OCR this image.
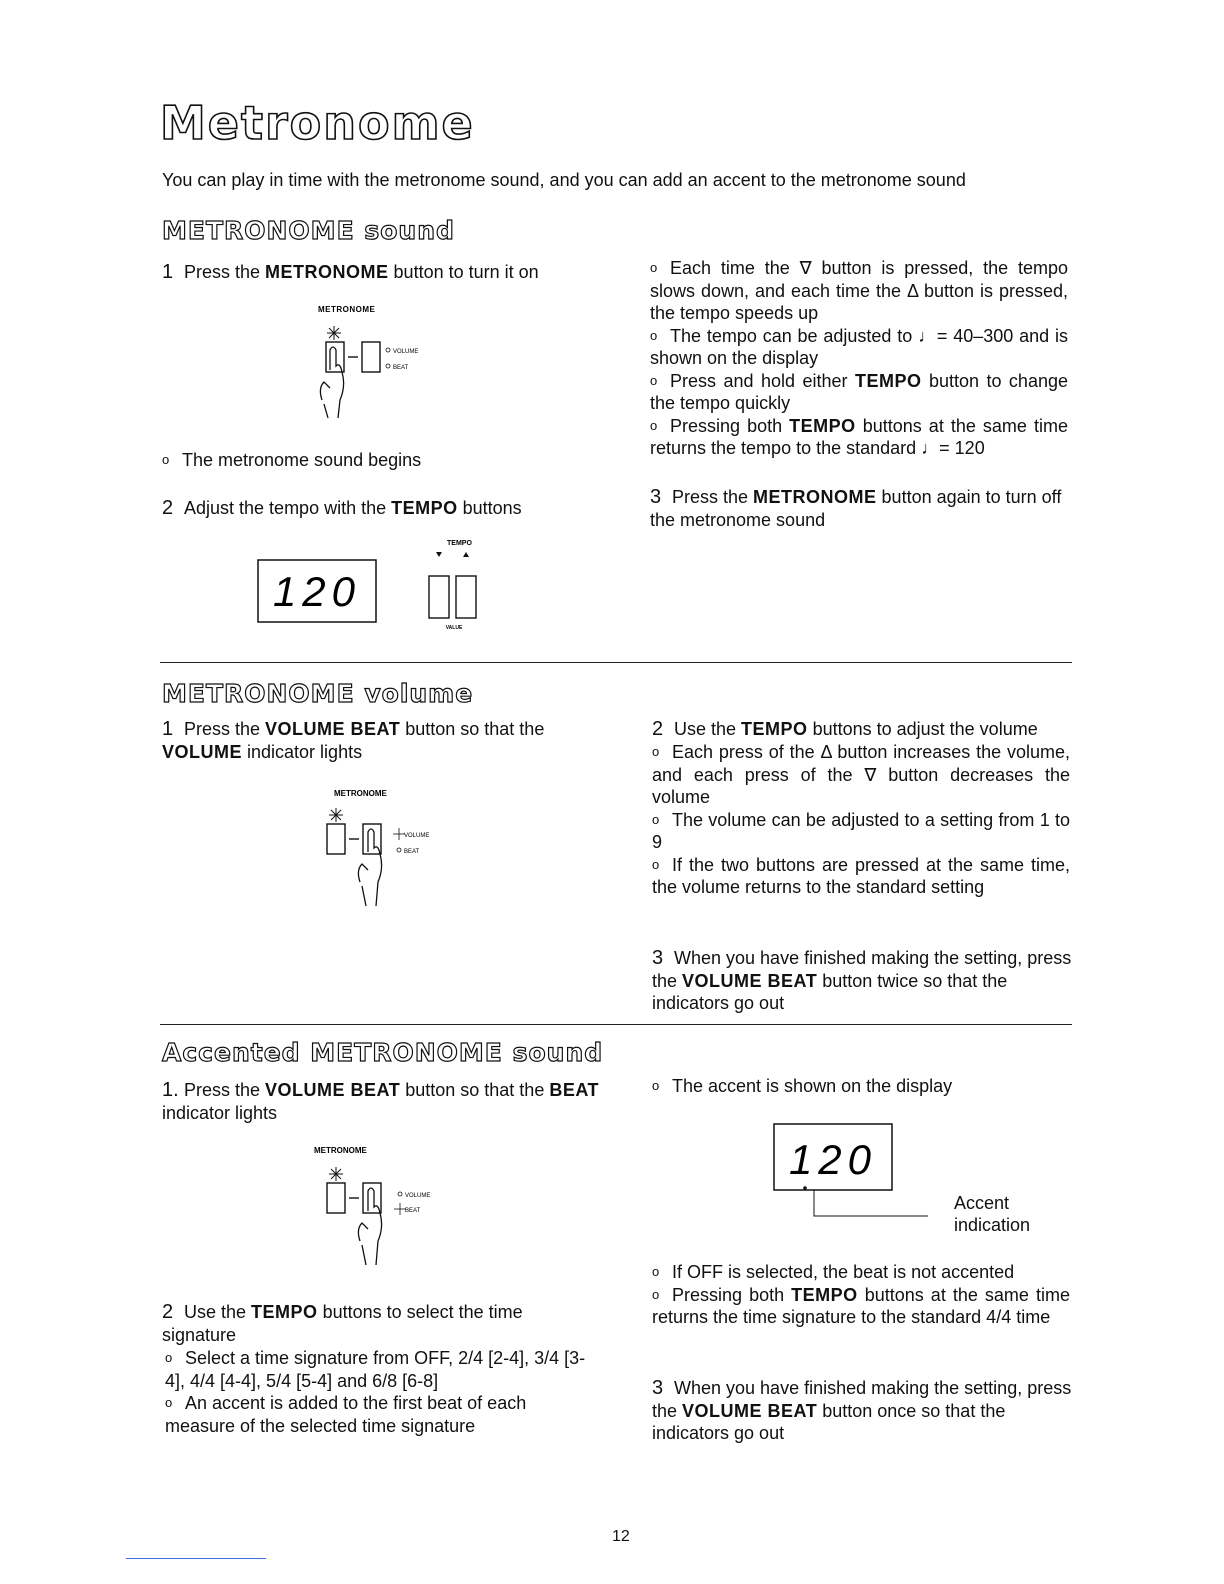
Metronome
You can play in time with the metronome sound, and you can add an accent to the metronome sound
METRONOME sound
1 Press the METRONOME button to turn it on
METRONOME
VOLUME
BEAT
o The metronome sound begins
2 Adjust the tempo with the TEMPO buttons
120
TEMPO
VALUE
o Each time the ∇ button is pressed, the tempo slows down, and each time the Δ button is pressed, the tempo speeds up
o The tempo can be adjusted to ♩= 40–300 and is shown on the display
o Press and hold either TEMPO button to change the tempo quickly
o Pressing both TEMPO buttons at the same time returns the tempo to the standard ♩= 120
3 Press the METRONOME button again to turn off the metronome sound
METRONOME volume
1 Press the VOLUME BEAT button so that the VOLUME indicator lights
METRONOME
VOLUME
BEAT
2 Use the TEMPO buttons to adjust the volume
o Each press of the Δ button increases the volume, and each press of the ∇ button decreases the volume
o The volume can be adjusted to a setting from 1 to 9
o If the two buttons are pressed at the same time, the volume returns to the standard setting
3 When you have finished making the setting, press the VOLUME BEAT button twice so that the indicators go out
Accented METRONOME sound
1. Press the VOLUME BEAT button so that the BEAT indicator lights
METRONOME
VOLUME
BEAT
2 Use the TEMPO buttons to select the time signature
o Select a time signature from OFF, 2/4 [2-4], 3/4 [3-4], 4/4 [4-4], 5/4 [5-4] and 6/8 [6-8]
o An accent is added to the first beat of each measure of the selected time signature
o The accent is shown on the display
120
Accent
indication
o If OFF is selected, the beat is not accented
o Pressing both TEMPO buttons at the same time returns the time signature to the standard 4/4 time
3 When you have finished making the setting, press the VOLUME BEAT button once so that the indicators go out
12
